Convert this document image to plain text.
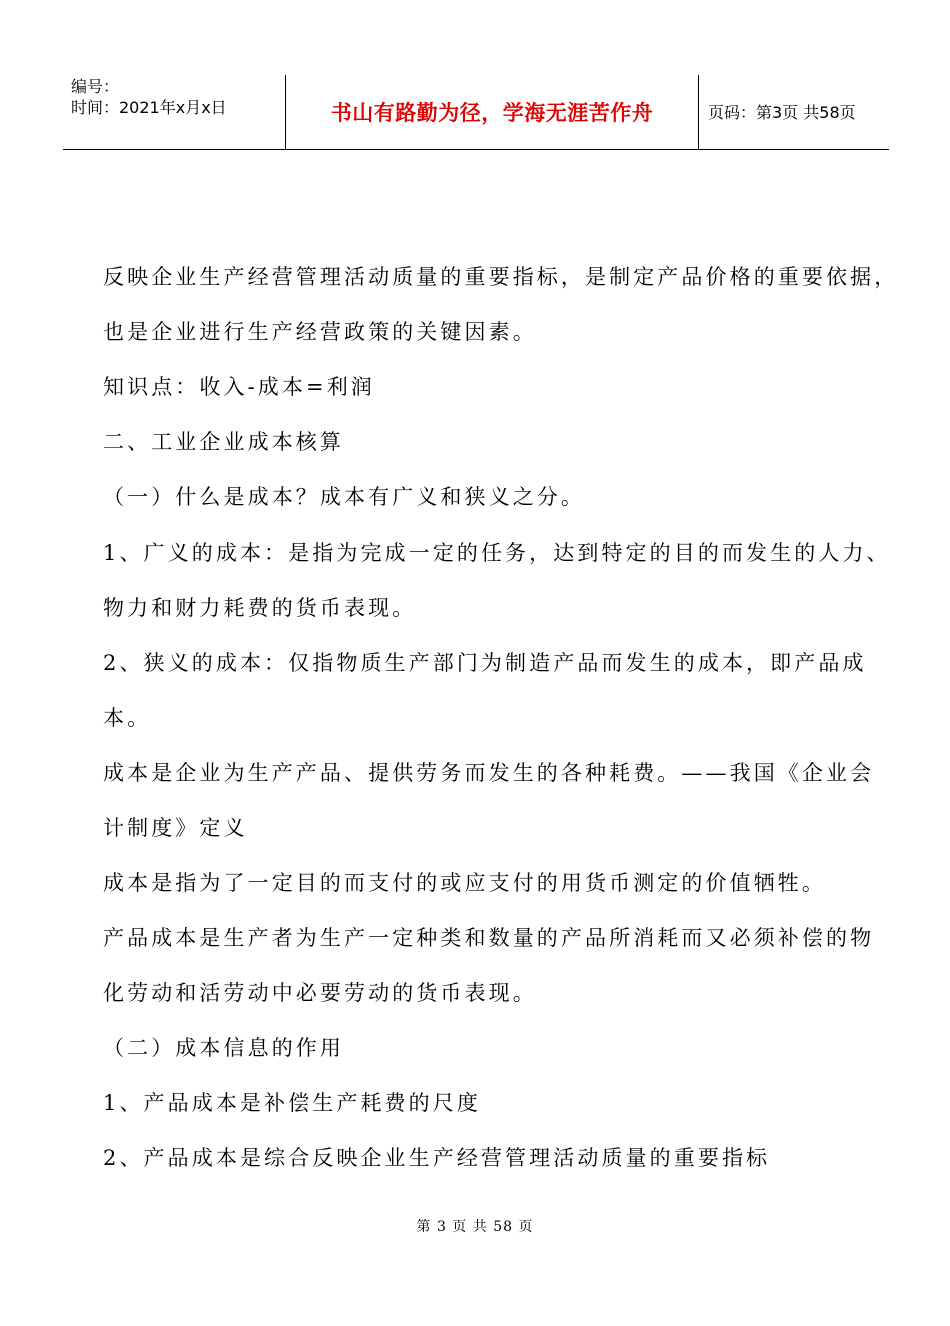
编号：
时间：2021年x月x日	书山有路勤为径，学海无涯苦作舟	页码：第3页 共58页
反映企业生产经营管理活动质量的重要指标，是制定产品价格的重要依据，
也是企业进行生产经营政策的关键因素。
知识点：收入-成本=利润
二、工业企业成本核算
（一）什么是成本？成本有广义和狭义之分。
1、广义的成本：是指为完成一定的任务，达到特定的目的而发生的人力、
物力和财力耗费的货币表现。
2、狭义的成本：仅指物质生产部门为制造产品而发生的成本，即产品成
本。
成本是企业为生产产品、提供劳务而发生的各种耗费。——我国《企业会
计制度》定义
成本是指为了一定目的而支付的或应支付的用货币测定的价值牺牲。
产品成本是生产者为生产一定种类和数量的产品所消耗而又必须补偿的物
化劳动和活劳动中必要劳动的货币表现。
（二）成本信息的作用
1、产品成本是补偿生产耗费的尺度
2、产品成本是综合反映企业生产经营管理活动质量的重要指标
第 3 页 共 58 页
